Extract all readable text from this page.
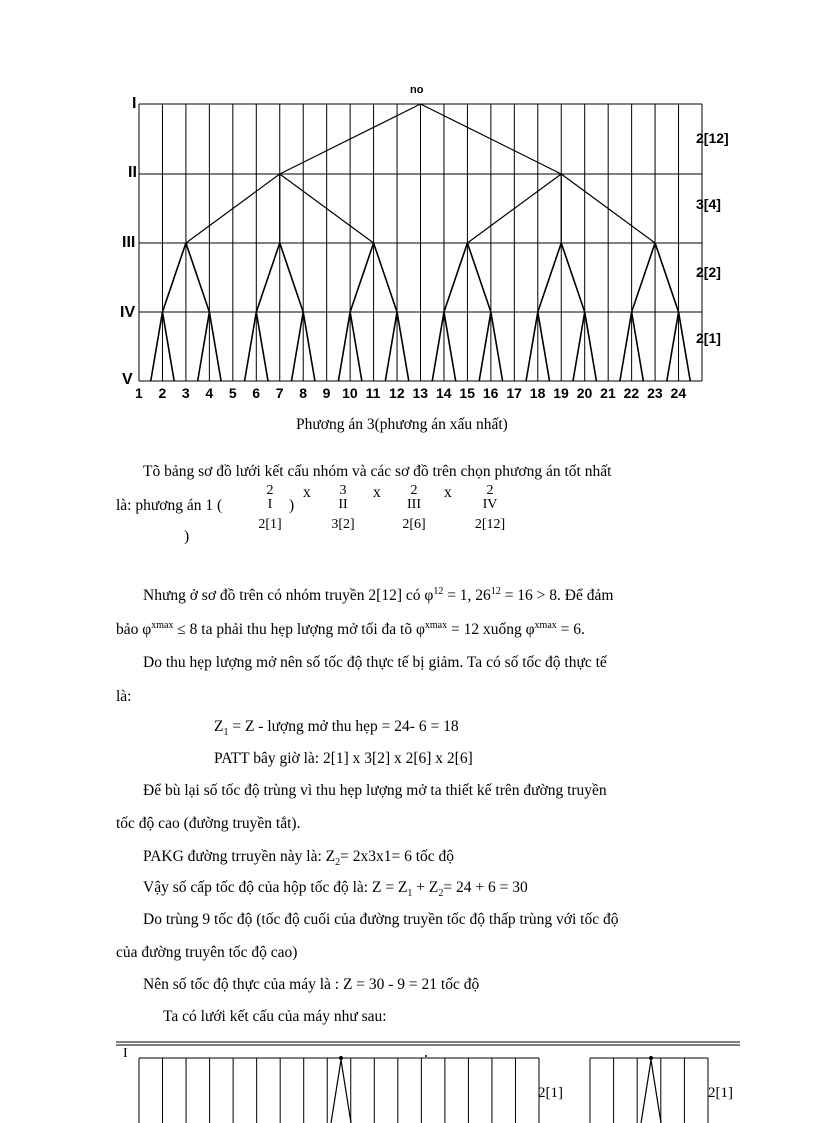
no
I
II
III
IV
V
2[12]
3[4]
2[2]
2[1]
1 2 3 4 5 6 7 8 9 10 11 12 13 14 15 16 17 18 19 20 21 22 23 24
Phương án 3(phương án xấu nhất)
Tõ bảng sơ đồ lưới kết cấu nhóm và các sơ đồ trên chọn phương án tốt nhất
là: phương án 1 (
2
I
2[1]
)
x	3
II
3[2]
x	2
III
2[6]
x	2
IV
2[12]
)
Nhưng ở sơ đồ trên có nhóm truyền 2[12] có $\varphi^{12} = 1$, $26^{12} = 16 > 8$. Để đảm
bảo $\varphi^{xmax} \le 8$ ta phải thu hẹp lượng mở tối đa tõ $\varphi^{xmax} = 12$ xuống $\varphi^{xmax} = 6$.
Do thu hẹp lượng mở nên số tốc độ thực tế bị giảm. Ta có số tốc độ thực tế
là:
$Z_1 = Z$ - lượng mở thu hẹp = 24- 6 = 18
PATT bây giờ là: 2[1] x 3[2] x 2[6] x 2[6]
Để bù lại số tốc độ trùng vì thu hẹp lượng mở ta thiết kế trên đường truyền
tốc độ cao (đường truyền tắt).
PAKG đường trruyền này là: $Z_2= 2x3x1= 6$ tốc độ
Vậy số cấp tốc độ của hộp tốc độ là: $Z = Z_1 + Z_2= 24 + 6 = 30$
Do trùng 9 tốc độ (tốc độ cuối của đường truyền tốc độ thấp trùng với tốc độ
của đường truyên tốc độ cao)
Nên số tốc độ thực của máy là : Z = 30 - 9 = 21 tốc độ
Ta có lưới kết cấu của máy như sau:
I
2[1]	2[1]
